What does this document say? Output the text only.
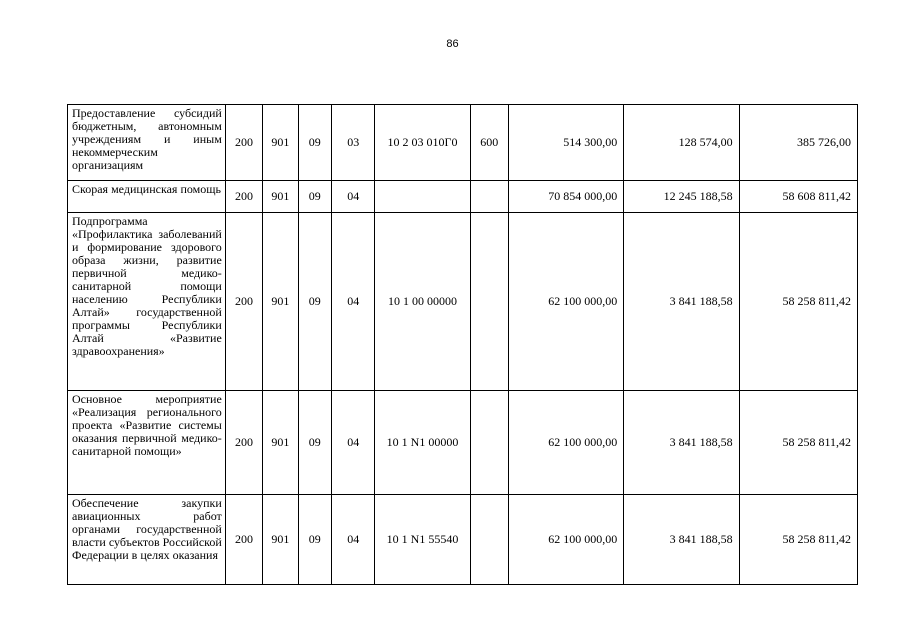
86
Предоставление субсидий бюджетным, автономным учреждениям и иным некоммерческим организациям	200	901	09	03	10 2 03 010Г0	600	514 300,00	128 574,00	385 726,00
Скорая медицинская помощь	200	901	09	04			70 854 000,00	12 245 188,58	58 608 811,42
Подпрограмма «Профилактика заболеваний и формирование здорового образа жизни, развитие первичной медико-санитарной помощи населению Республики Алтай» государственной программы Республики Алтай «Развитие здравоохранения»	200	901	09	04	10 1 00 00000		62 100 000,00	3 841 188,58	58 258 811,42
Основное мероприятие «Реализация регионального проекта «Развитие системы оказания первичной медико-санитарной помощи»	200	901	09	04	10 1 N1 00000		62 100 000,00	3 841 188,58	58 258 811,42
Обеспечение закупки авиационных работ органами государственной власти субъектов Российской Федерации в целях оказания	200	901	09	04	10 1 N1 55540		62 100 000,00	3 841 188,58	58 258 811,42
